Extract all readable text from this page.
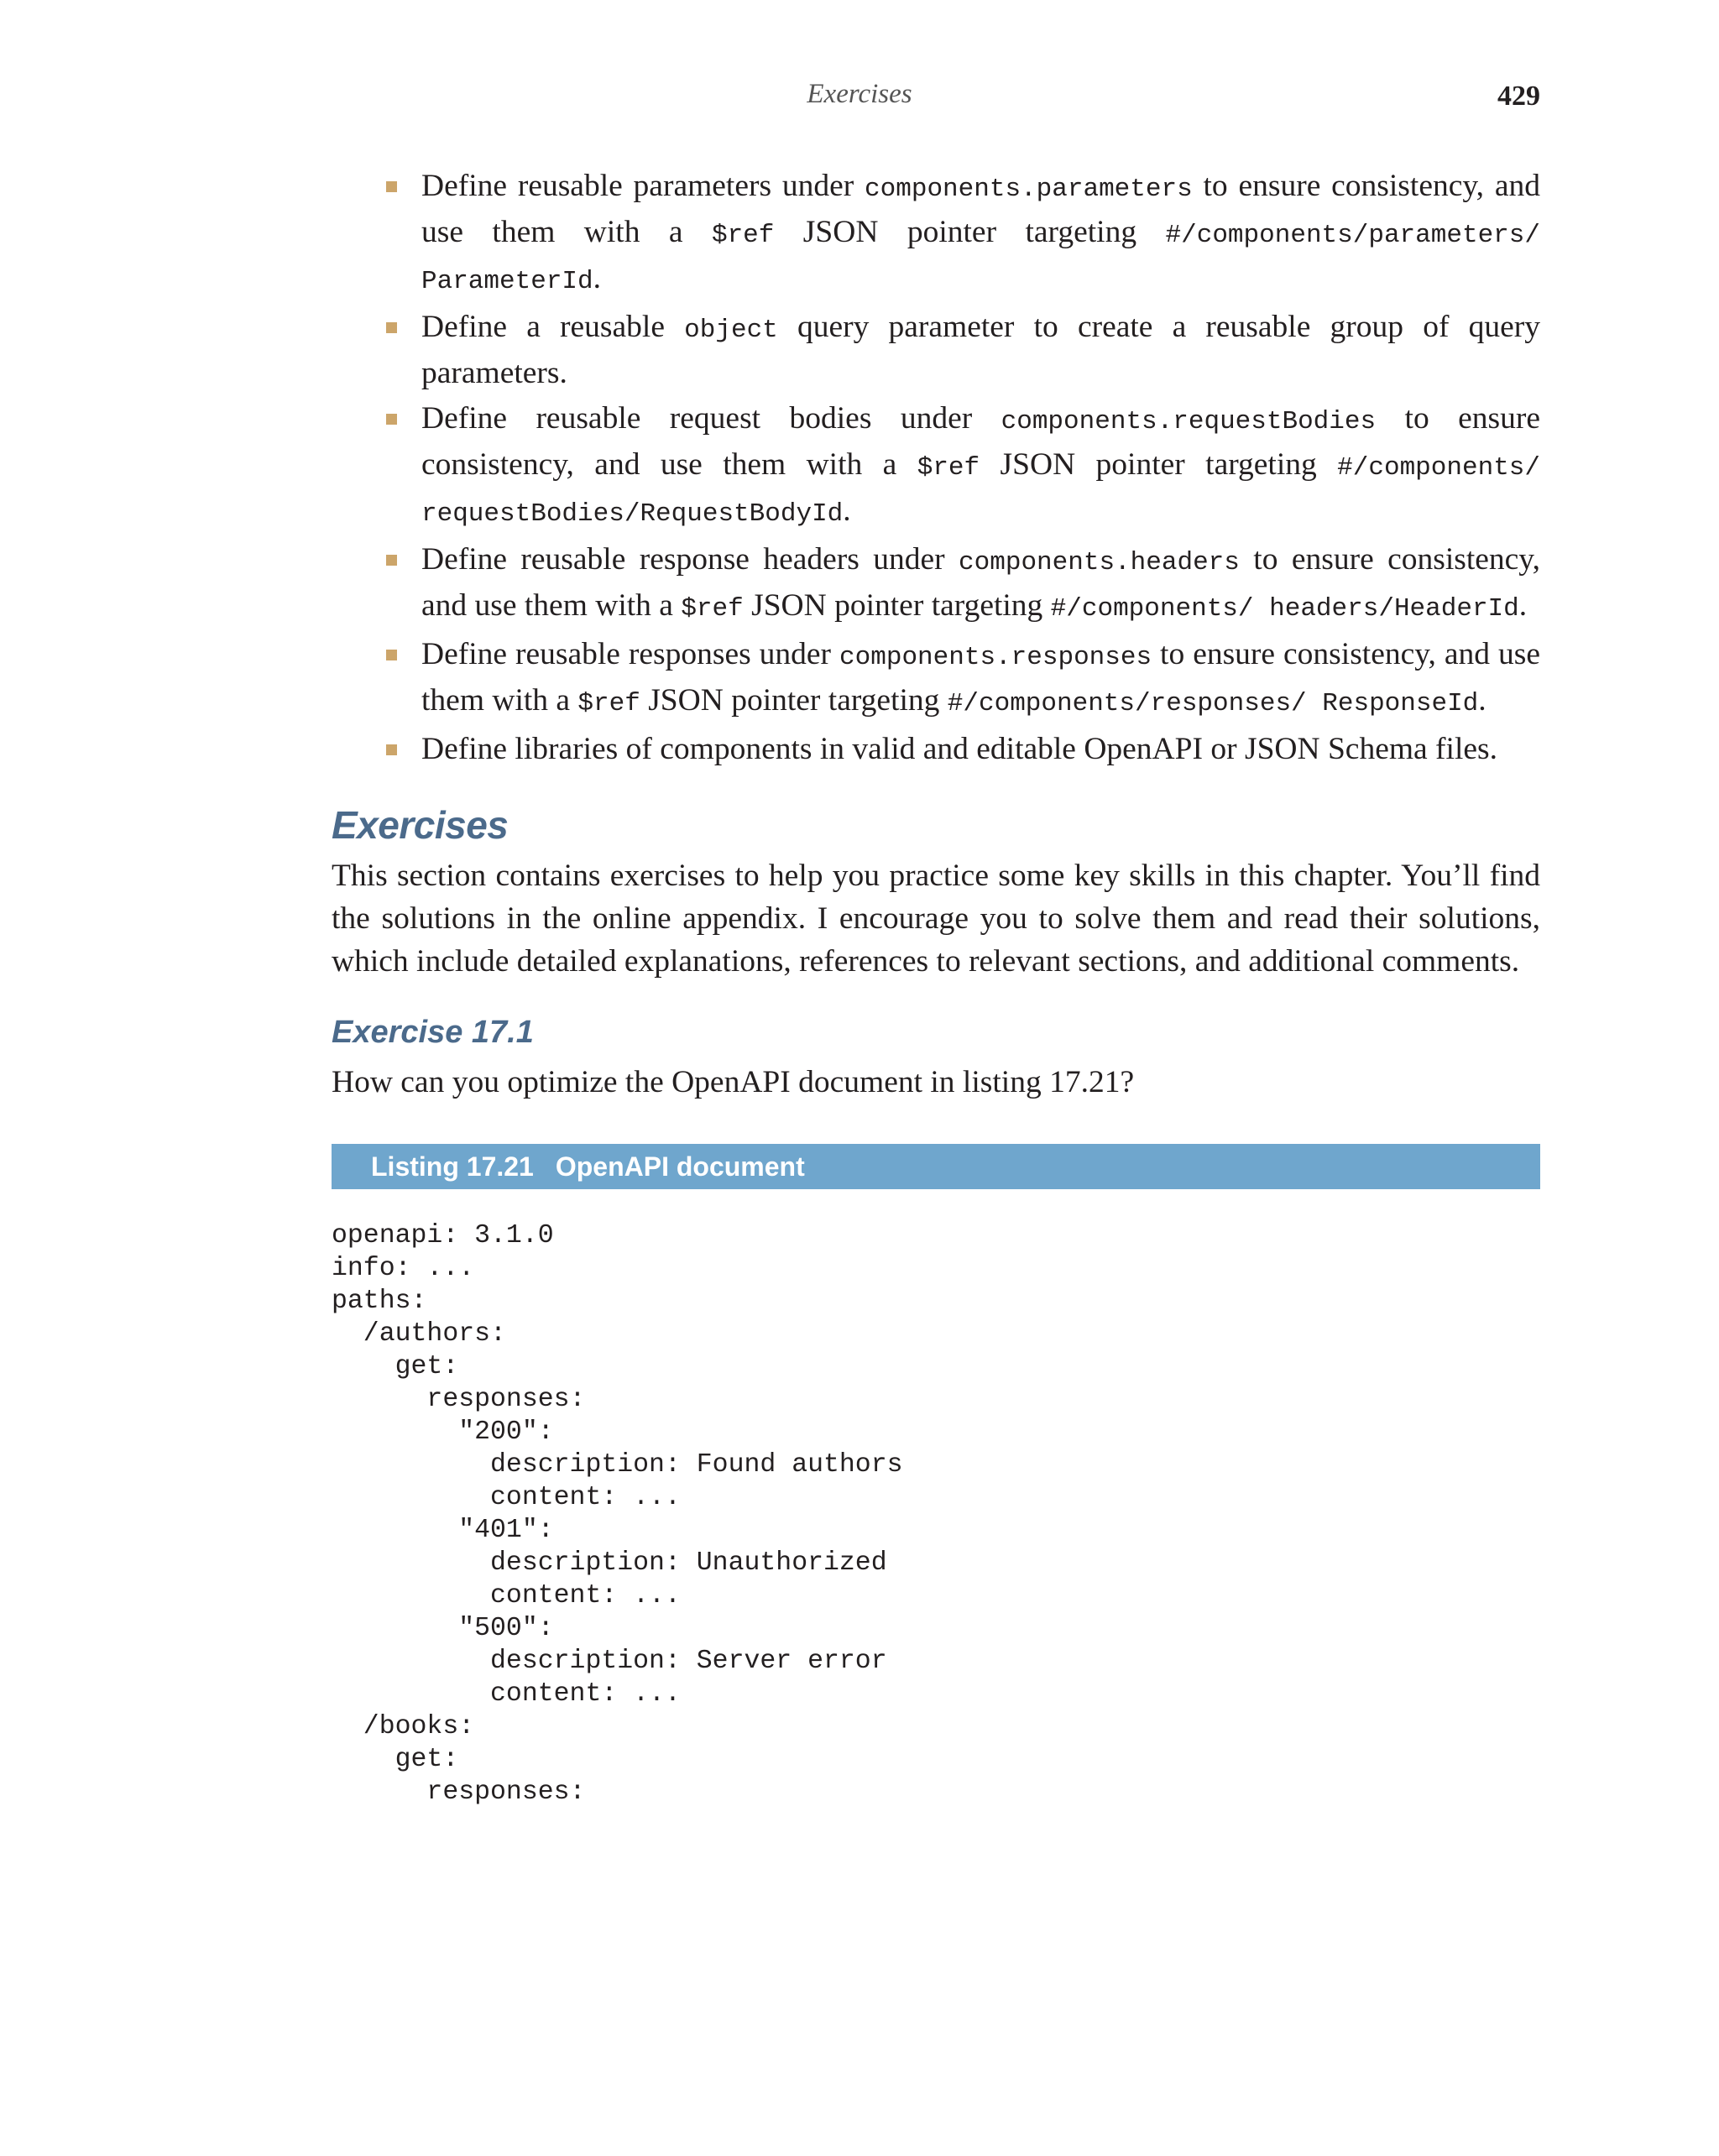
Exercises	429
Define reusable parameters under components.parameters to ensure consistency, and use them with a $ref JSON pointer targeting #/components/parameters/ ParameterId.
Define a reusable object query parameter to create a reusable group of query parameters.
Define reusable request bodies under components.requestBodies to ensure consistency, and use them with a $ref JSON pointer targeting #/components/ requestBodies/RequestBodyId.
Define reusable response headers under components.headers to ensure consistency, and use them with a $ref JSON pointer targeting #/components/ headers/HeaderId.
Define reusable responses under components.responses to ensure consistency, and use them with a $ref JSON pointer targeting #/components/responses/ ResponseId.
Define libraries of components in valid and editable OpenAPI or JSON Schema files.
Exercises

This section contains exercises to help you practice some key skills in this chapter. You’ll find the solutions in the online appendix. I encourage you to solve them and read their solutions, which include detailed explanations, references to relevant sections, and additional comments.

Exercise 17.1

How can you optimize the OpenAPI document in listing 17.21?

Listing 17.21 OpenAPI document
openapi: 3.1.0
info: ...
paths:
/authors:
get:
responses:
"200":
description: Found authors
content: ...
"401":
description: Unauthorized
content: ...
"500":
description: Server error
content: ...
/books:
get:
responses:
